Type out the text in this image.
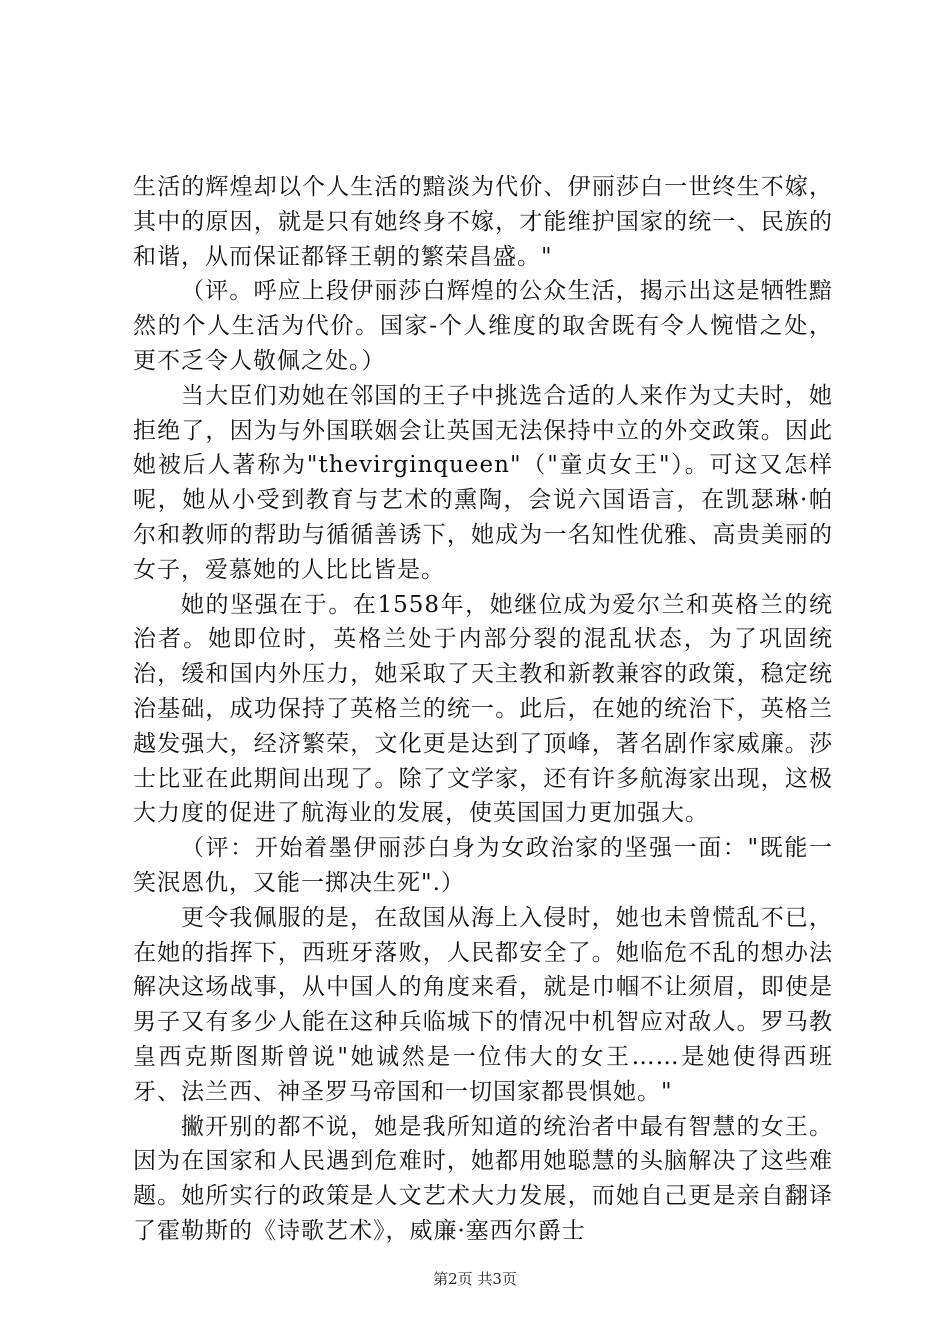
生活的辉煌却以个人生活的黯淡为代价、伊丽莎白一世终生不嫁，其中的原因，就是只有她终身不嫁，才能维护国家的统一、民族的和谐，从而保证都铎王朝的繁荣昌盛。"

（评。呼应上段伊丽莎白辉煌的公众生活，揭示出这是牺牲黯然的个人生活为代价。国家-个人维度的取舍既有令人惋惜之处，更不乏令人敬佩之处。）

当大臣们劝她在邻国的王子中挑选合适的人来作为丈夫时，她拒绝了，因为与外国联姻会让英国无法保持中立的外交政策。因此她被后人著称为"thevirginqueen"（"童贞女王"）。可这又怎样呢，她从小受到教育与艺术的熏陶，会说六国语言，在凯瑟琳·帕尔和教师的帮助与循循善诱下，她成为一名知性优雅、高贵美丽的女子，爱慕她的人比比皆是。

她的坚强在于。在1558年，她继位成为爱尔兰和英格兰的统治者。她即位时，英格兰处于内部分裂的混乱状态，为了巩固统治，缓和国内外压力，她采取了天主教和新教兼容的政策，稳定统治基础，成功保持了英格兰的统一。此后，在她的统治下，英格兰越发强大，经济繁荣，文化更是达到了顶峰，著名剧作家威廉。莎士比亚在此期间出现了。除了文学家，还有许多航海家出现，这极大力度的促进了航海业的发展，使英国国力更加强大。

（评：开始着墨伊丽莎白身为女政治家的坚强一面："既能一笑泯恩仇，又能一掷决生死".）

更令我佩服的是，在敌国从海上入侵时，她也未曾慌乱不已，在她的指挥下，西班牙落败，人民都安全了。她临危不乱的想办法解决这场战事，从中国人的角度来看，就是巾帼不让须眉，即使是男子又有多少人能在这种兵临城下的情况中机智应对敌人。罗马教皇西克斯图斯曾说"她诚然是一位伟大的女王……是她使得西班牙、法兰西、神圣罗马帝国和一切国家都畏惧她。"

撇开别的都不说，她是我所知道的统治者中最有智慧的女王。因为在国家和人民遇到危难时，她都用她聪慧的头脑解决了这些难题。她所实行的政策是人文艺术大力发展，而她自己更是亲自翻译了霍勒斯的《诗歌艺术》，威廉·塞西尔爵士

第2页 共3页
